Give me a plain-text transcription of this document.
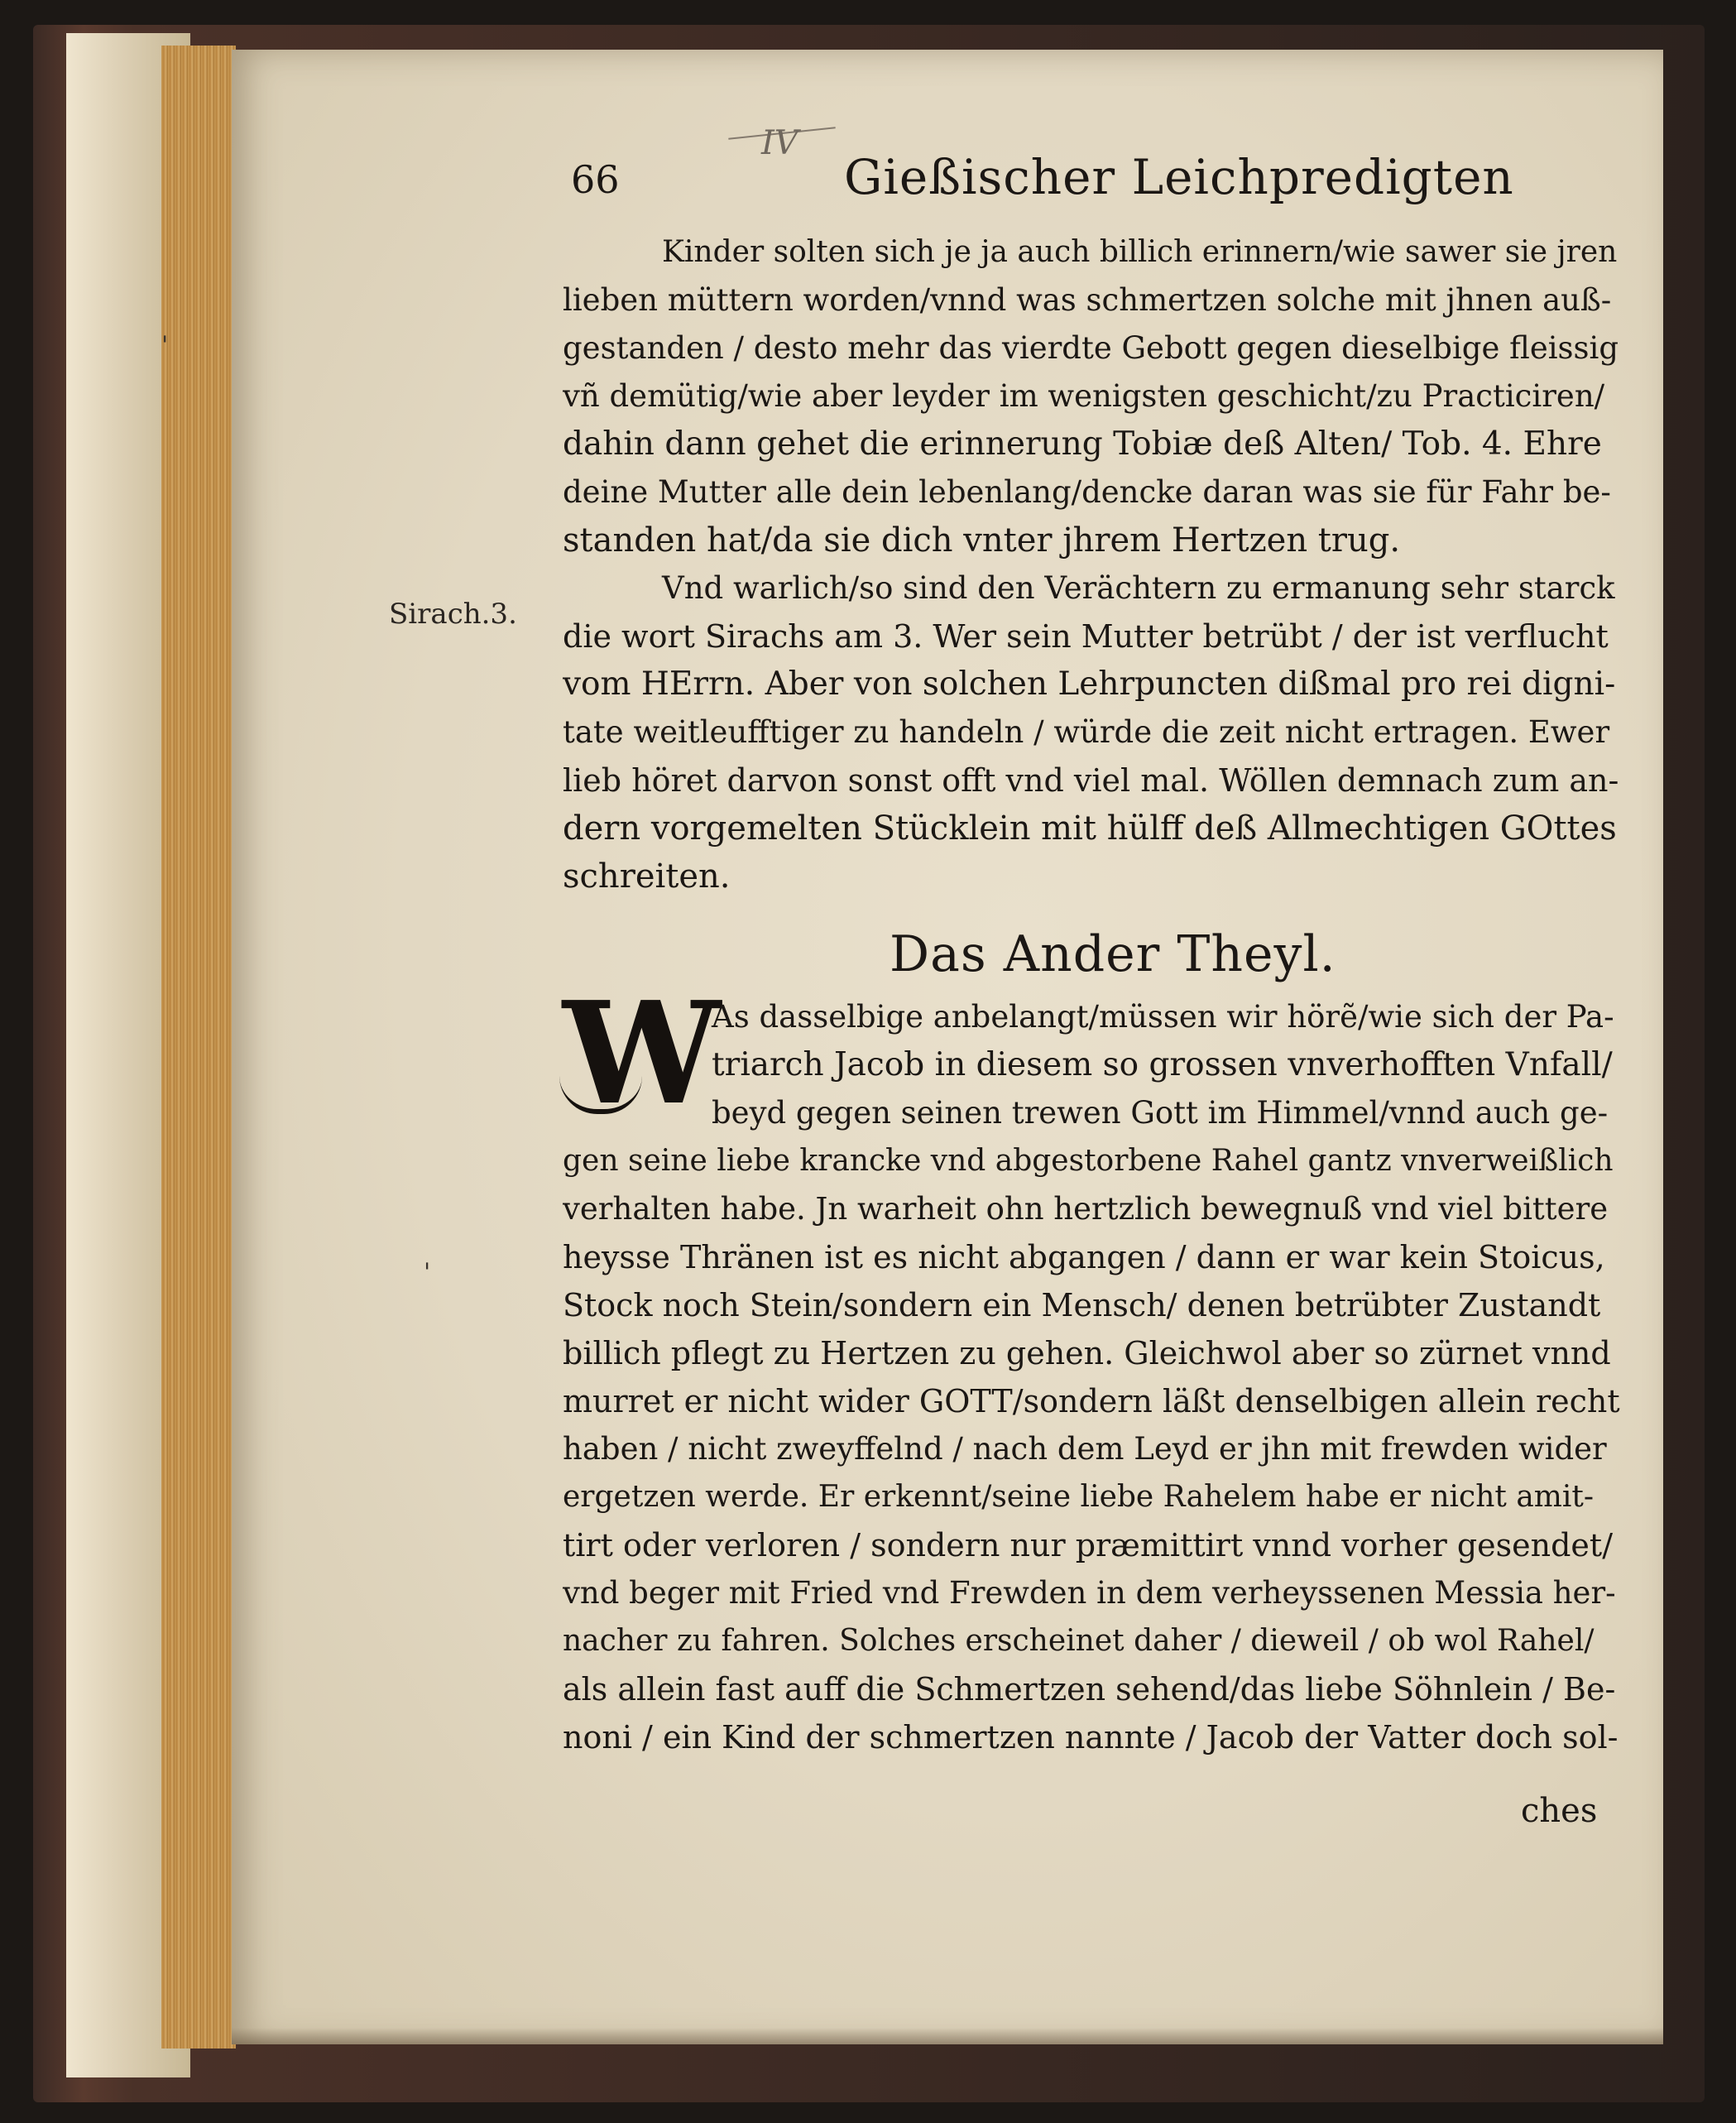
66
IV
Gießischer Leichpredigten
Sirach.3.
Kinder solten sich je ja auch billich erinnern/wie sawer sie jren
lieben müttern worden/vnnd was schmertzen solche mit jhnen auß-
gestanden / desto mehr das vierdte Gebott gegen dieselbige fleissig
vñ demütig/wie aber leyder im wenigsten geschicht/zu Practiciren/
dahin dann gehet die erinnerung Tobiæ deß Alten/ Tob. 4. Ehre
deine Mutter alle dein lebenlang/dencke daran was sie für Fahr be-
standen hat/da sie dich vnter jhrem Hertzen trug.
Vnd warlich/so sind den Verächtern zu ermanung sehr starck
die wort Sirachs am 3. Wer sein Mutter betrübt / der ist verflucht
vom HErrn. Aber von solchen Lehrpuncten dißmal pro rei digni-
tate weitleufftiger zu handeln / würde die zeit nicht ertragen. Ewer
lieb höret darvon sonst offt vnd viel mal. Wöllen demnach zum an-
dern vorgemelten Stücklein mit hülff deß Allmechtigen GOttes
schreiten.
Das Ander Theyl.
W
As dasselbige anbelangt/müssen wir hörẽ/wie sich der Pa-
triarch Jacob in diesem so grossen vnverhofften Vnfall/
beyd gegen seinen trewen Gott im Himmel/vnnd auch ge-
gen seine liebe krancke vnd abgestorbene Rahel gantz vnverweißlich
verhalten habe. Jn warheit ohn hertzlich bewegnuß vnd viel bittere
heysse Thränen ist es nicht abgangen / dann er war kein Stoicus,
Stock noch Stein/sondern ein Mensch/ denen betrübter Zustandt
billich pflegt zu Hertzen zu gehen. Gleichwol aber so zürnet vnnd
murret er nicht wider GOTT/sondern läßt denselbigen allein recht
haben / nicht zweyffelnd / nach dem Leyd er jhn mit frewden wider
ergetzen werde. Er erkennt/seine liebe Rahelem habe er nicht amit-
tirt oder verloren / sondern nur præmittirt vnnd vorher gesendet/
vnd beger mit Fried vnd Frewden in dem verheyssenen Messia her-
nacher zu fahren. Solches erscheinet daher / dieweil / ob wol Rahel/
als allein fast auff die Schmertzen sehend/das liebe Söhnlein / Be-
noni / ein Kind der schmertzen nannte / Jacob der Vatter doch sol-
ches
'
'
